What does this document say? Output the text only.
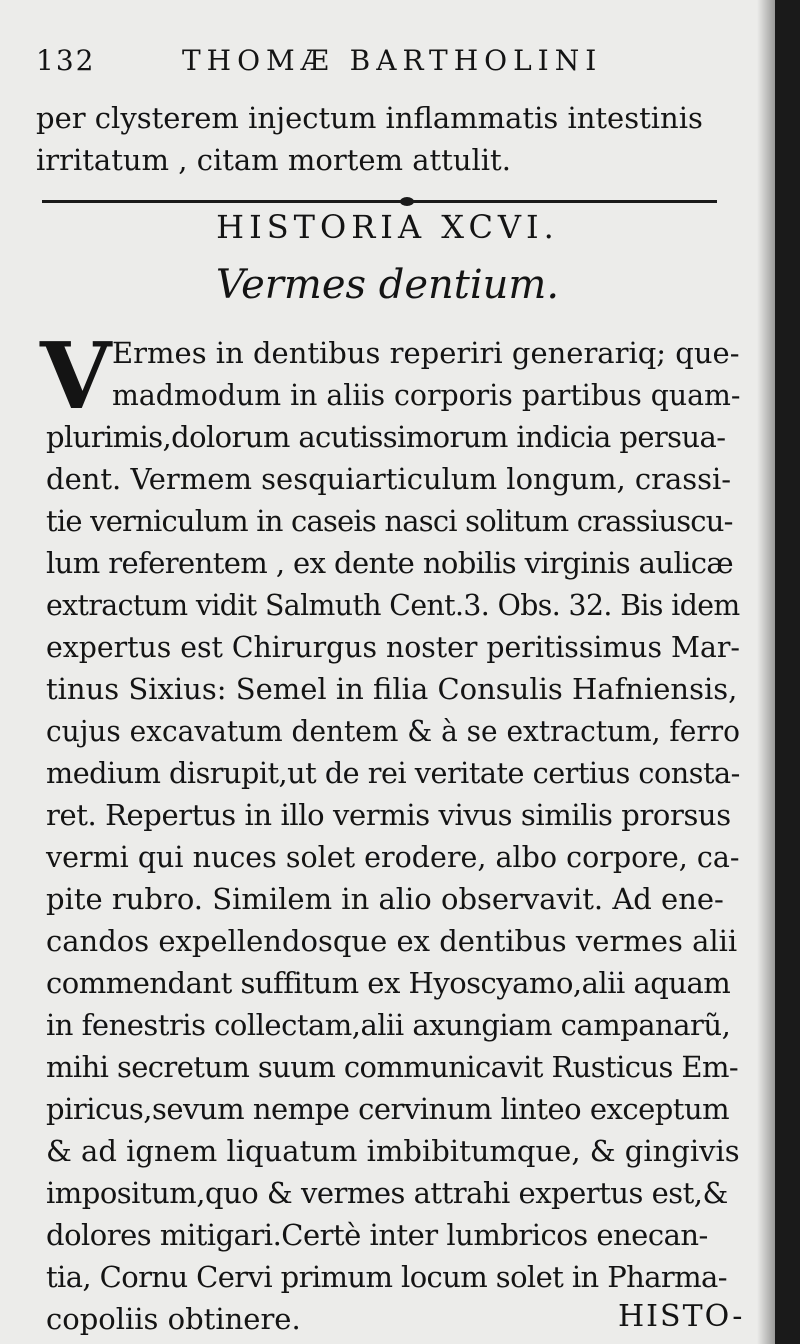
132	THOMÆ BARTHOLINI
per clysterem injectum inflammatis intestinis
irritatum , citam mortem attulit.
HISTORIA XCVI.
Vermes dentium.
V Ermes in dentibus reperiri generariq; que-
madmodum in aliis corporis partibus quam-
plurimis,dolorum acutissimorum indicia persua-
dent. Vermem sesquiarticulum longum, crassi-
tie verniculum in caseis nasci solitum crassiuscu-
lum referentem , ex dente nobilis virginis aulicæ
extractum vidit Salmuth Cent.3. Obs. 32. Bis idem
expertus est Chirurgus noster peritissimus Mar-
tinus Sixius: Semel in filia Consulis Hafniensis,
cujus excavatum dentem & à se extractum, ferro
medium disrupit,ut de rei veritate certius consta-
ret. Repertus in illo vermis vivus similis prorsus
vermi qui nuces solet erodere, albo corpore, ca-
pite rubro. Similem in alio observavit. Ad ene-
candos expellendosque ex dentibus vermes alii
commendant suffitum ex Hyoscyamo,alii aquam
in fenestris collectam,alii axungiam campanarũ,
mihi secretum suum communicavit Rusticus Em-
piricus,sevum nempe cervinum linteo exceptum
& ad ignem liquatum imbibitumque, & gingivis
impositum,quo & vermes attrahi expertus est,&
dolores mitigari.Certè inter lumbricos enecan-
tia, Cornu Cervi primum locum solet in Pharma-
copoliis obtinere.	HISTO-
